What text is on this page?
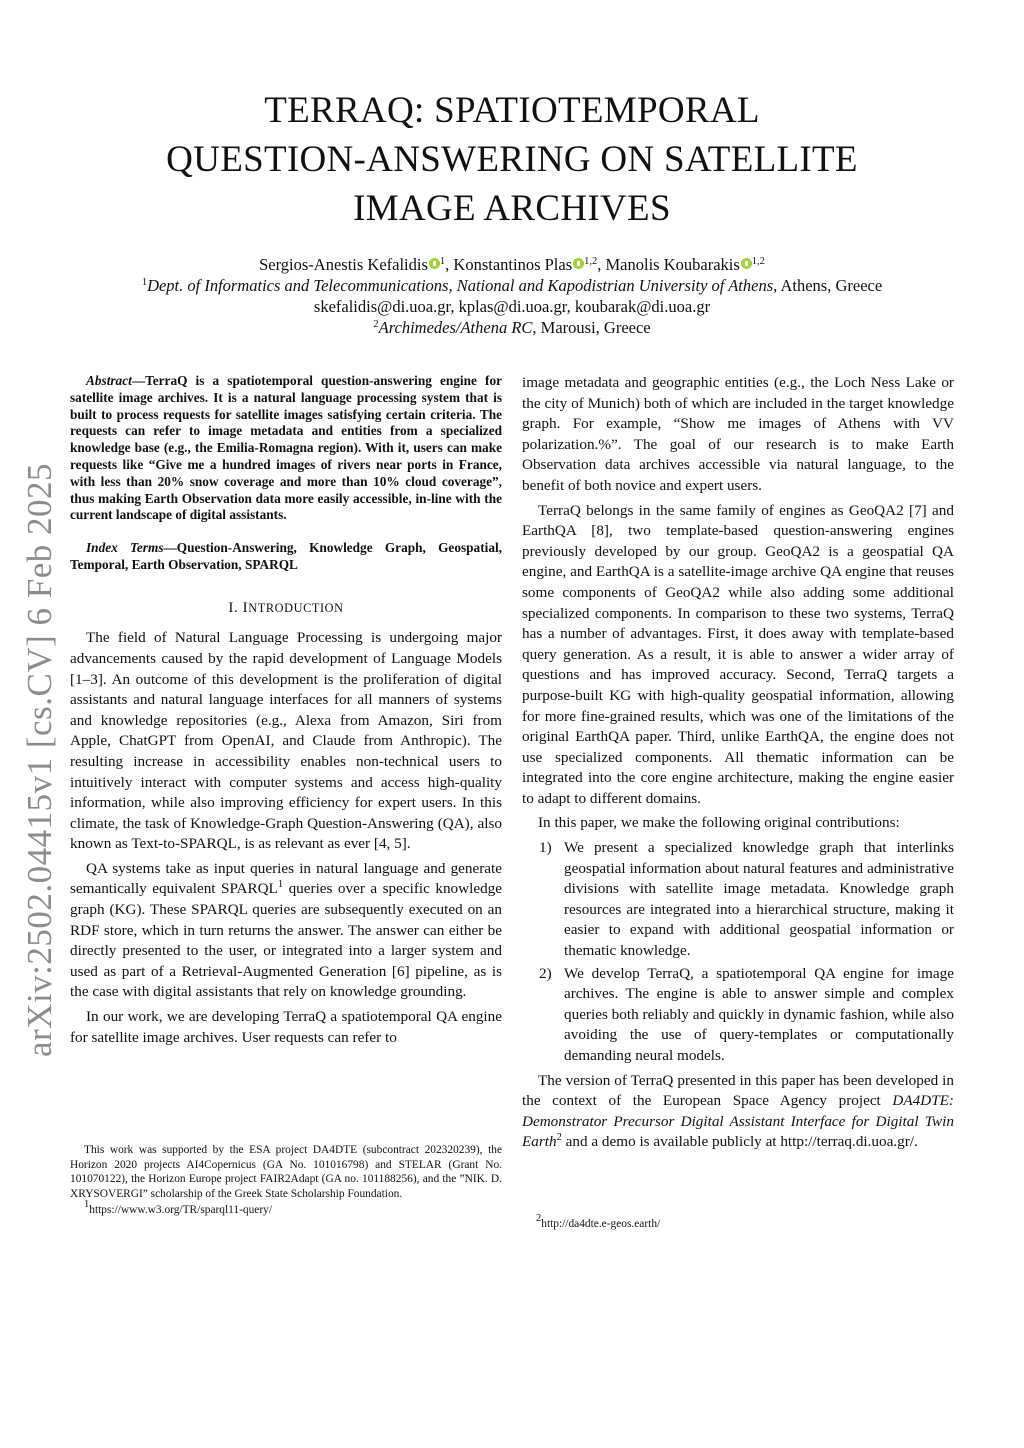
arXiv:2502.04415v1 [cs.CV] 6 Feb 2025
TERRAQ: SPATIOTEMPORAL
QUESTION-ANSWERING ON SATELLITE
IMAGE ARCHIVES
Sergios-Anestis Kefalidis $^1$, Konstantinos Plas $^{1,2}$, Manolis Koubarakis $^{1,2}$
$^1$Dept. of Informatics and Telecommunications, National and Kapodistrian University of Athens, Athens, Greece
skefalidis@di.uoa.gr, kplas@di.uoa.gr, koubarak@di.uoa.gr
$^2$Archimedes/Athena RC, Marousi, Greece

Abstract—TerraQ is a spatiotemporal question-answering engine for satellite image archives. It is a natural language processing system that is built to process requests for satellite images satisfying certain criteria. The requests can refer to image metadata and entities from a specialized knowledge base (e.g., the Emilia-Romagna region). With it, users can make requests like “Give me a hundred images of rivers near ports in France, with less than 20% snow coverage and more than 10% cloud coverage”, thus making Earth Observation data more easily accessible, in-line with the current landscape of digital assistants.

Index Terms—Question-Answering, Knowledge Graph, Geospatial, Temporal, Earth Observation, SPARQL

I. INTRODUCTION

The field of Natural Language Processing is undergoing major advancements caused by the rapid development of Language Models [1–3]. An outcome of this development is the proliferation of digital assistants and natural language interfaces for all manners of systems and knowledge repositories (e.g., Alexa from Amazon, Siri from Apple, ChatGPT from OpenAI, and Claude from Anthropic). The resulting increase in accessibility enables non-technical users to intuitively interact with computer systems and access high-quality information, while also improving efficiency for expert users. In this climate, the task of Knowledge-Graph Question-Answering (QA), also known as Text-to-SPARQL, is as relevant as ever [4, 5].

QA systems take as input queries in natural language and generate semantically equivalent SPARQL$^1$ queries over a specific knowledge graph (KG). These SPARQL queries are subsequently executed on an RDF store, which in turn returns the answer. The answer can either be directly presented to the user, or integrated into a larger system and used as part of a Retrieval-Augmented Generation [6] pipeline, as is the case with digital assistants that rely on knowledge grounding.

In our work, we are developing TerraQ a spatiotemporal QA engine for satellite image archives. User requests can refer to

This work was supported by the ESA project DA4DTE (subcontract 202320239), the Horizon 2020 projects AI4Copernicus (GA No. 101016798) and STELAR (Grant No. 101070122), the Horizon Europe project FAIR2Adapt (GA no. 101188256), and the ”NIK. D. XRYSOVERGI” scholarship of the Greek State Scholarship Foundation.

$^1$https://www.w3.org/TR/sparql11-query/

image metadata and geographic entities (e.g., the Loch Ness Lake or the city of Munich) both of which are included in the target knowledge graph. For example, “Show me images of Athens with VV polarization.%”. The goal of our research is to make Earth Observation data archives accessible via natural language, to the benefit of both novice and expert users.

TerraQ belongs in the same family of engines as GeoQA2 [7] and EarthQA [8], two template-based question-answering engines previously developed by our group. GeoQA2 is a geospatial QA engine, and EarthQA is a satellite-image archive QA engine that reuses some components of GeoQA2 while also adding some additional specialized components. In comparison to these two systems, TerraQ has a number of advantages. First, it does away with template-based query generation. As a result, it is able to answer a wider array of questions and has improved accuracy. Second, TerraQ targets a purpose-built KG with high-quality geospatial information, allowing for more fine-grained results, which was one of the limitations of the original EarthQA paper. Third, unlike EarthQA, the engine does not use specialized components. All thematic information can be integrated into the core engine architecture, making the engine easier to adapt to different domains.

In this paper, we make the following original contributions:

1) We present a specialized knowledge graph that interlinks geospatial information about natural features and administrative divisions with satellite image metadata. Knowledge graph resources are integrated into a hierarchical structure, making it easier to expand with additional geospatial information or thematic knowledge.
2) We develop TerraQ, a spatiotemporal QA engine for image archives. The engine is able to answer simple and complex queries both reliably and quickly in dynamic fashion, while also avoiding the use of query-templates or computationally demanding neural models.

The version of TerraQ presented in this paper has been developed in the context of the European Space Agency project DA4DTE: Demonstrator Precursor Digital Assistant Interface for Digital Twin Earth$^2$ and a demo is available publicly at http://terraq.di.uoa.gr/.

$^2$http://da4dte.e-geos.earth/
